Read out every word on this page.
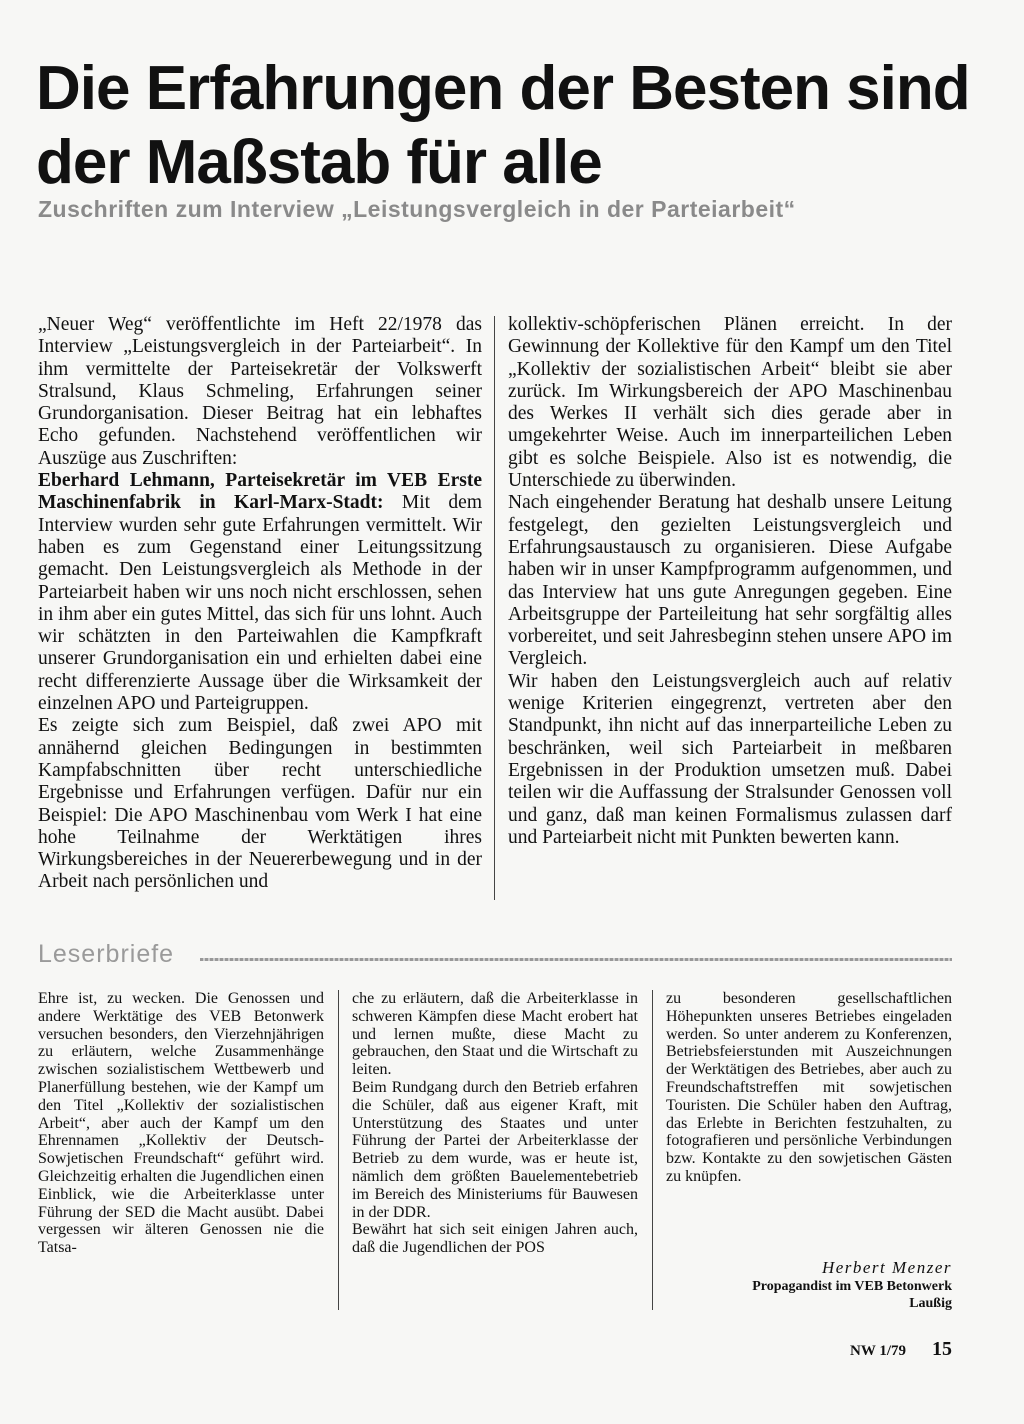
Die Erfahrungen der Besten sind der Maßstab für alle

Zuschriften zum Interview „Leistungsvergleich in der Parteiarbeit“

„Neuer Weg“ veröffentlichte im Heft 22/1978 das Interview „Leistungsvergleich in der Parteiarbeit“. In ihm vermittelte der Parteisekretär der Volkswerft Stralsund, Klaus Schmeling, Erfahrungen seiner Grundorganisation. Dieser Beitrag hat ein lebhaftes Echo gefunden. Nachstehend veröffentlichen wir Auszüge aus Zuschriften:

Eberhard Lehmann, Parteisekretär im VEB Erste Maschinenfabrik in Karl-Marx-Stadt: Mit dem Interview wurden sehr gute Erfahrungen vermittelt. Wir haben es zum Gegenstand einer Leitungssitzung gemacht. Den Leistungsvergleich als Methode in der Parteiarbeit haben wir uns noch nicht erschlossen, sehen in ihm aber ein gutes Mittel, das sich für uns lohnt. Auch wir schätzten in den Parteiwahlen die Kampfkraft unserer Grundorganisation ein und erhielten dabei eine recht differenzierte Aussage über die Wirksamkeit der einzelnen APO und Parteigruppen.

Es zeigte sich zum Beispiel, daß zwei APO mit annähernd gleichen Bedingungen in bestimmten Kampfabschnitten über recht unterschiedliche Ergebnisse und Erfahrungen verfügen. Dafür nur ein Beispiel: Die APO Maschinenbau vom Werk I hat eine hohe Teilnahme der Werktätigen ihres Wirkungsbereiches in der Neuererbewegung und in der Arbeit nach persönlichen und

kollektiv-schöpferischen Plänen erreicht. In der Gewinnung der Kollektive für den Kampf um den Titel „Kollektiv der sozialistischen Arbeit“ bleibt sie aber zurück. Im Wirkungsbereich der APO Maschinenbau des Werkes II verhält sich dies gerade aber in umgekehrter Weise. Auch im innerparteilichen Leben gibt es solche Beispiele. Also ist es notwendig, die Unterschiede zu überwinden.

Nach eingehender Beratung hat deshalb unsere Leitung festgelegt, den gezielten Leistungsvergleich und Erfahrungsaustausch zu organisieren. Diese Aufgabe haben wir in unser Kampfprogramm aufgenommen, und das Interview hat uns gute Anregungen gegeben. Eine Arbeitsgruppe der Parteileitung hat sehr sorgfältig alles vorbereitet, und seit Jahresbeginn stehen unsere APO im Vergleich.

Wir haben den Leistungsvergleich auch auf relativ wenige Kriterien eingegrenzt, vertreten aber den Standpunkt, ihn nicht auf das innerparteiliche Leben zu beschränken, weil sich Parteiarbeit in meßbaren Ergebnissen in der Produktion umsetzen muß. Dabei teilen wir die Auffassung der Stralsunder Genossen voll und ganz, daß man keinen Formalismus zulassen darf und Parteiarbeit nicht mit Punkten bewerten kann.

Leserbriefe

Ehre ist, zu wecken. Die Genossen und andere Werktätige des VEB Betonwerk versuchen besonders, den Vierzehnjährigen zu erläutern, welche Zusammenhänge zwischen sozialistischem Wettbewerb und Planerfüllung bestehen, wie der Kampf um den Titel „Kollektiv der sozialistischen Arbeit“, aber auch der Kampf um den Ehrennamen „Kollektiv der Deutsch-Sowjetischen Freundschaft“ geführt wird. Gleichzeitig erhalten die Jugendlichen einen Einblick, wie die Arbeiterklasse unter Führung der SED die Macht ausübt. Dabei vergessen wir älteren Genossen nie die Tatsa-

che zu erläutern, daß die Arbeiterklasse in schweren Kämpfen diese Macht erobert hat und lernen mußte, diese Macht zu gebrauchen, den Staat und die Wirtschaft zu leiten.

Beim Rundgang durch den Betrieb erfahren die Schüler, daß aus eigener Kraft, mit Unterstützung des Staates und unter Führung der Partei der Arbeiterklasse der Betrieb zu dem wurde, was er heute ist, nämlich dem größten Bauelementebetrieb im Bereich des Ministeriums für Bauwesen in der DDR.

Bewährt hat sich seit einigen Jahren auch, daß die Jugendlichen der POS

zu besonderen gesellschaftlichen Höhepunkten unseres Betriebes eingeladen werden. So unter anderem zu Konferenzen, Betriebsfeierstunden mit Auszeichnungen der Werktätigen des Betriebes, aber auch zu Freundschaftstreffen mit sowjetischen Touristen. Die Schüler haben den Auftrag, das Erlebte in Berichten festzuhalten, zu fotografieren und persönliche Verbindungen bzw. Kontakte zu den sowjetischen Gästen zu knüpfen.

Herbert Menzer

Propagandist im VEB Betonwerk

Laußig

NW 1/79 15
